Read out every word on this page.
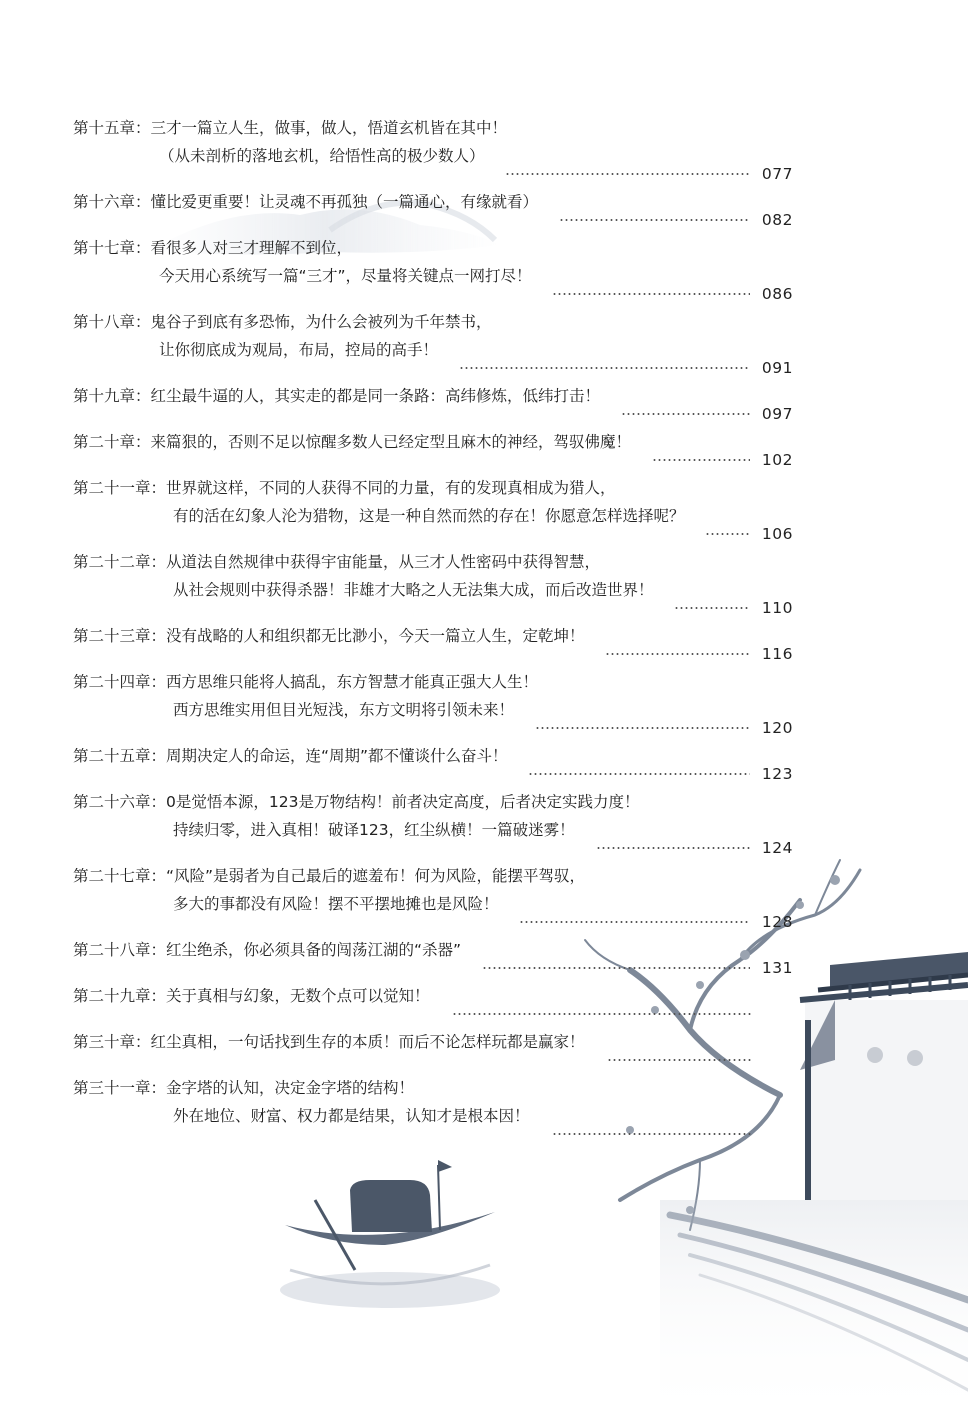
第十五章：三才一篇立人生，做事，做人，悟道玄机皆在其中！
（从未剖析的落地玄机，给悟性高的极少数人）
077
第十六章：懂比爱更重要！让灵魂不再孤独（一篇通心，有缘就看）
082
第十七章：看很多人对三才理解不到位，
今天用心系统写一篇“三才”，尽量将关键点一网打尽！
086
第十八章：鬼谷子到底有多恐怖，为什么会被列为千年禁书，
让你彻底成为观局，布局，控局的高手！
091
第十九章：红尘最牛逼的人，其实走的都是同一条路：高纬修炼，低纬打击！
097
第二十章：来篇狠的，否则不足以惊醒多数人已经定型且麻木的神经，驾驭佛魔！
102
第二十一章：世界就这样，不同的人获得不同的力量，有的发现真相成为猎人，
有的活在幻象人沦为猎物，这是一种自然而然的存在！你愿意怎样选择呢？
106
第二十二章：从道法自然规律中获得宇宙能量，从三才人性密码中获得智慧，
从社会规则中获得杀器！非雄才大略之人无法集大成，而后改造世界！
110
第二十三章：没有战略的人和组织都无比渺小，今天一篇立人生，定乾坤！
116
第二十四章：西方思维只能将人搞乱，东方智慧才能真正强大人生！
西方思维实用但目光短浅，东方文明将引领未来！
120
第二十五章：周期决定人的命运，连“周期”都不懂谈什么奋斗！
123
第二十六章：0是觉悟本源，123是万物结构！前者决定高度，后者决定实践力度！
持续归零，进入真相！破译123，红尘纵横！一篇破迷雾！
124
第二十七章：“风险”是弱者为自己最后的遮羞布！何为风险，能摆平驾驭，
多大的事都没有风险！摆不平摆地摊也是风险！
128
第二十八章：红尘绝杀，你必须具备的闯荡江湖的“杀器”
131
第二十九章：关于真相与幻象，无数个点可以觉知！
第三十章：红尘真相，一句话找到生存的本质！而后不论怎样玩都是赢家！
第三十一章：金字塔的认知，决定金字塔的结构！
外在地位、财富、权力都是结果，认知才是根本因！
